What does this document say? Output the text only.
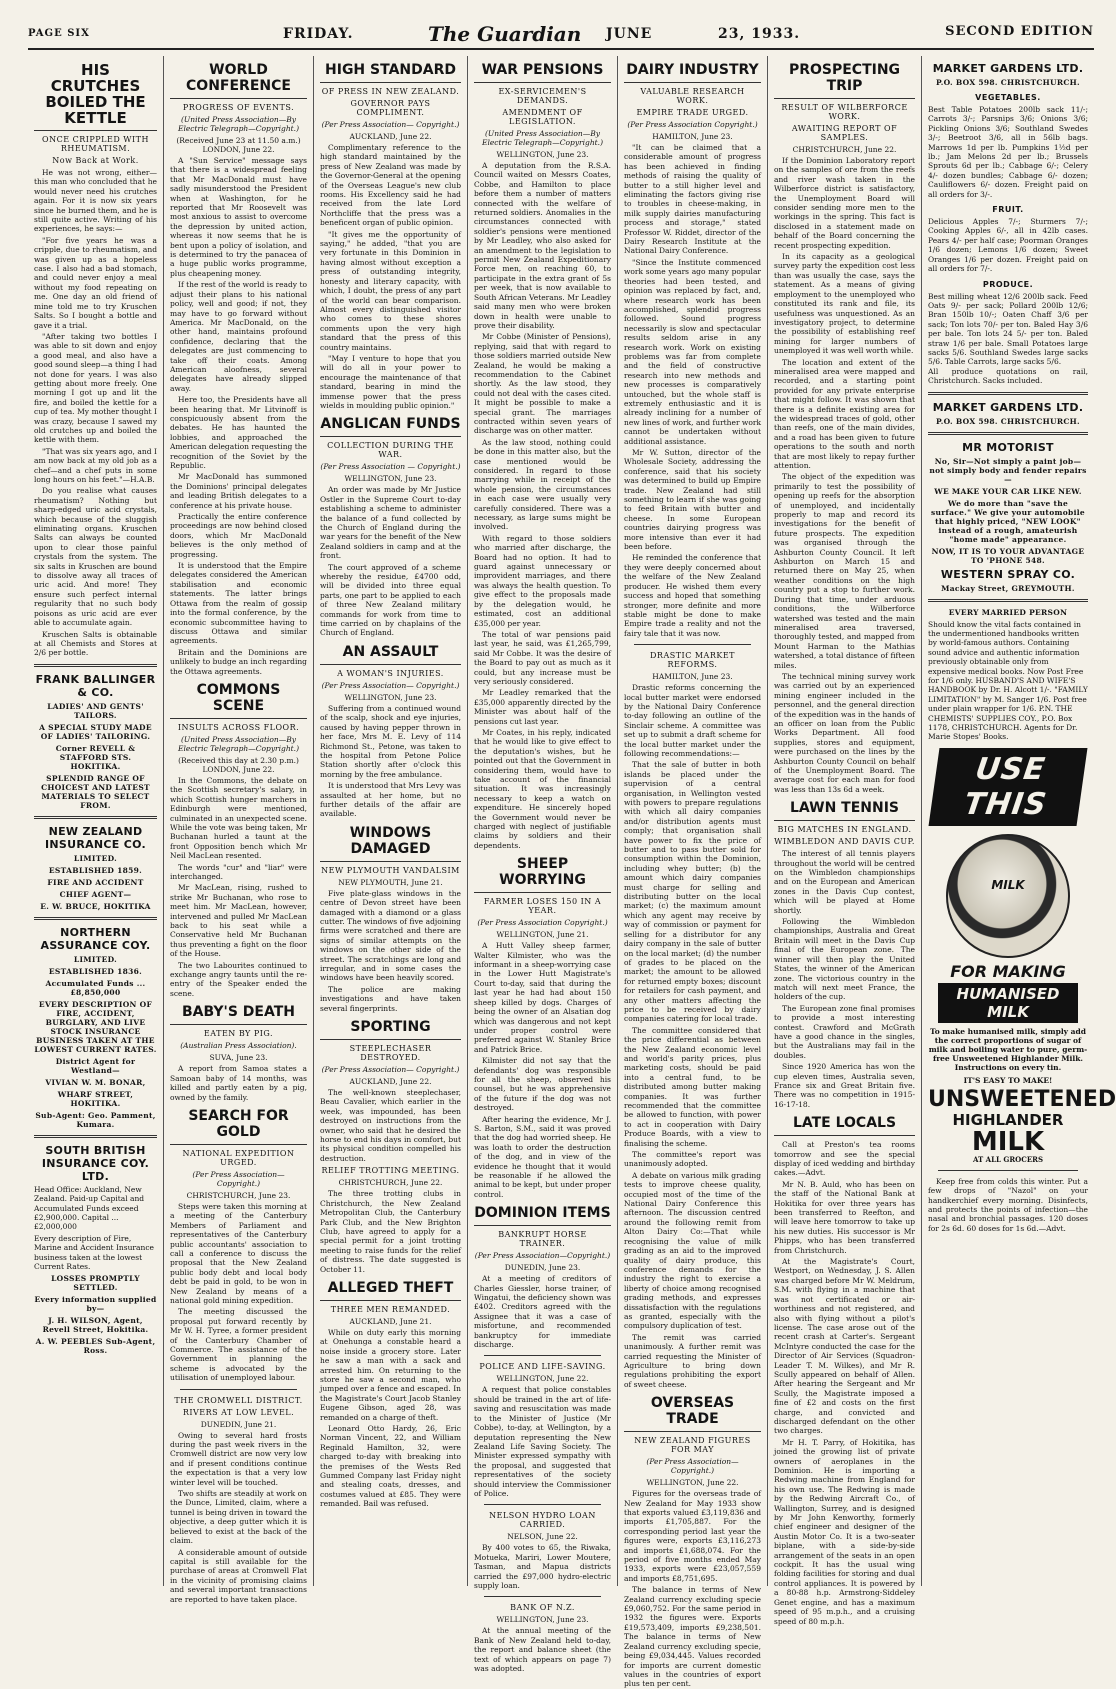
PAGE SIX	FRIDAY.	The Guardian JUNE	23, 1933.	SECOND EDITION
HIS CRUTCHES BOILED THE KETTLE
ONCE CRIPPLED WITH RHEUMATISM.
Now Back at Work.

He was not wrong, either—this man who concluded that he would never need his crutches again. For it is now six years since he burned them, and he is still quite active. Writing of his experiences, he says:—

"For five years he was a cripple, due to rheumatism, and was given up as a hopeless case. I also had a bad stomach, and could never enjoy a meal without my food repeating on me. One day an old friend of mine told me to try Kruschen Salts. So I bought a bottle and gave it a trial.

"After taking two bottles I was able to sit down and enjoy a good meal, and also have a good sound sleep—a thing I had not done for years. I was also getting about more freely. One morning I got up and lit the fire, and boiled the kettle for a cup of tea. My mother thought I was crazy, because I sawed my old crutches up and boiled the kettle with them.

"That was six years ago, and I am now back at my old job as a chef—and a chef puts in some long hours on his feet."—H.A.B.

Do you realise what causes rheumatism? Nothing but sharp-edged uric acid crystals, which because of the sluggish eliminating organs. Kruschen Salts can always be counted upon to clear those painful crystals from the system. The six salts in Kruschen are bound to dissolve away all traces of uric acid. And more! They ensure such perfect internal regularity that no such body poisons as uric acid are ever able to accumulate again.

Kruschen Salts is obtainable at all Chemists and Stores at 2/6 per bottle.

FRANK BALLINGER & CO.
LADIES' AND GENTS' TAILORS.
A SPECIAL STUDY MADE OF LADIES' TAILORING.
Corner REVELL & STAFFORD STS. HOKITIKA.
SPLENDID RANGE OF CHOICEST AND LATEST MATERIALS TO SELECT FROM.
NEW ZEALAND INSURANCE CO.
LIMITED.
ESTABLISHED 1859.
FIRE AND ACCIDENT
CHIEF AGENT—
E. W. BRUCE, HOKITIKA
NORTHERN ASSURANCE COY.
LIMITED.
ESTABLISHED 1836.
Accumulated Funds ... £8,850,000
EVERY DESCRIPTION OF FIRE, ACCIDENT, BURGLARY, AND LIVE STOCK INSURANCE BUSINESS TAKEN AT THE LOWEST CURRENT RATES.
District Agent for Westland—
VIVIAN W. M. BONAR,
WHARF STREET, HOKITIKA.
Sub-Agent: Geo. Pamment, Kumara.
SOUTH BRITISH INSURANCE COY. LTD.
Head Office: Auckland, New Zealand. Paid-up Capital and Accumulated Funds exceed £2,900,000. Capital ... £2,000,000
Every description of Fire, Marine and Accident Insurance business taken at the lowest Current Rates.
LOSSES PROMPTLY SETTLED.
Every information supplied by—
J. H. WILSON, Agent, Revell Street, Hokitika.
A. W. PEEBLES Sub-Agent, Ross.
WORLD CONFERENCE
PROGRESS OF EVENTS.
(United Press Association—By Electric Telegraph—Copyright.)
(Received June 23 at 11.50 a.m.) LONDON, June 22.

A "Sun Service" message says that there is a widespread feeling that Mr MacDonald must have sadly misunderstood the President when at Washington, for he reported that Mr Roosevelt was most anxious to assist to overcome the depression by united action, whereas it now seems that he is bent upon a policy of isolation, and is determined to try the panacea of a huge public works programme, plus cheapening money.

If the rest of the world is ready to adjust their plans to his national policy, well and good; if not, they may have to go forward without America. Mr MacDonald, on the other hand, maintains profound confidence, declaring that the delegates are just commencing to take off their coats. Among American aloofness, several delegates have already slipped away.

Here too, the Presidents have all been hearing that. Mr Litvinoff is conspicuously absent from the debates. He has haunted the lobbies, and approached the American delegation requesting the recognition of the Soviet by the Republic.

Mr MacDonald has summoned the Dominions' principal delegates and leading British delegates to a conference at his private house.

Practically the entire conference proceedings are now behind closed doors, which Mr MacDonald believes is the only method of progressing.

It is understood that the Empire delegates considered the American stabilisation and economic statements. The latter brings Ottawa from the realm of gossip into the formal conference, by the economic subcommittee having to discuss Ottawa and similar agreements.

Britain and the Dominions are unlikely to budge an inch regarding the Ottawa agreements.

COMMONS SCENE
INSULTS ACROSS FLOOR.
(United Press Association—By Electric Telegraph—Copyright.)
(Received this day at 2.30 p.m.) LONDON, June 22.

In the Commons, the debate on the Scottish secretary's salary, in which Scottish hunger marchers in Edinburgh were mentioned, culminated in an unexpected scene. While the vote was being taken, Mr Buchanan hurled a taunt at the front Opposition bench which Mr Neil MacLean resented.

The words "cur" and "liar" were interchanged.

Mr MacLean, rising, rushed to strike Mr Buchanan, who rose to meet him. Mr MacLean, however, intervened and pulled Mr MacLean back to his seat while a Conservative held Mr Buchanan thus preventing a fight on the floor of the House.

The two Labourites continued to exchange angry taunts until the re-entry of the Speaker ended the scene.

BABY'S DEATH
EATEN BY PIG.
(Australian Press Association).
SUVA, June 23.

A report from Samoa states a Samoan baby of 14 months, was killed and partly eaten by a pig, owned by the family.

SEARCH FOR GOLD
NATIONAL EXPEDITION URGED.
(Per Press Association— Copyright.)
CHRISTCHURCH, June 23.

Steps were taken this morning at a meeting of the Canterbury Members of Parliament and representatives of the Canterbury public accountants' association to call a conference to discuss the proposal that the New Zealand public body debt and local body debt be paid in gold, to be won in New Zealand by means of a national gold mining expedition.

The meeting discussed the proposal put forward recently by Mr W. H. Tyree, a former president of the Canterbury Chamber of Commerce. The assistance of the Government in planning the scheme is advocated by the utilisation of unemployed labour.

THE CROMWELL DISTRICT.
RIVERS AT LOW LEVEL.
DUNEDIN, June 21.

Owing to several hard frosts during the past week rivers in the Cromwell district are now very low and if present conditions continue the expectation is that a very low winter level will be touched.

Two shifts are steadily at work on the Dunce, Limited, claim, where a tunnel is being driven in toward the objective, a deep gutter which it is believed to exist at the back of the claim.

A considerable amount of outside capital is still available for the purchase of areas at Cromwell Flat in the vicinity of promising claims and several important transactions are reported to have taken place.

HIGH STANDARD
OF PRESS IN NEW ZEALAND.
GOVERNOR PAYS COMPLIMENT.
(Per Press Association— Copyright.)
AUCKLAND, June 22.

Complimentary reference to the high standard maintained by the press of New Zealand was made by the Governor-General at the opening of the Overseas League's new club rooms. His Excellency said he had received from the late Lord Northcliffe that the press was a beneficent organ of public opinion.

"It gives me the opportunity of saying," he added, "that you are very fortunate in this Dominion in having almost without exception a press of outstanding integrity, honesty and literary capacity, with which, I doubt, the press of any part of the world can bear comparison. Almost every distinguished visitor who comes to these shores comments upon the very high standard that the press of this country maintains.

"May I venture to hope that you will do all in your power to encourage the maintenance of that standard, bearing in mind the immense power that the press wields in moulding public opinion."

ANGLICAN FUNDS
COLLECTION DURING THE WAR.
(Per Press Association — Copyright.)
WELLINGTON, June 23.

An order was made by Mr Justice Ostler in the Supreme Court to-day establishing a scheme to administer the balance of a fund collected by the Church of England during the war years for the benefit of the New Zealand soldiers in camp and at the front.

The court approved of a scheme whereby the residue, £4700 odd, will be divided into three equal parts, one part to be applied to each of three New Zealand military commands for work from time to time carried on by chaplains of the Church of England.

AN ASSAULT
A WOMAN'S INJURIES.
(Per Press Association— Copyright.)
WELLINGTON, June 23.

Suffering from a continued wound of the scalp, shock and eye injuries, caused by having pepper thrown in her face, Mrs M. E. Levy of 114 Richmond St., Petone, was taken to the hospital from Petone Police Station shortly after o'clock this morning by the free ambulance.

It is understood that Mrs Levy was assaulted at her home, but no further details of the affair are available.

WINDOWS DAMAGED
NEW PLYMOUTH VANDALSIM
NEW PLYMOUTH, June 21.

Five plate-glass windows in the centre of Devon street have been damaged with a diamond or a glass cutter. The windows of five adjoining firms were scratched and there are signs of similar attempts on the windows on the other side of the street. The scratchings are long and irregular, and in some cases the windows have been heavily scored.

The police are making investigations and have taken several fingerprints.

SPORTING
STEEPLECHASER DESTROYED.
(Per Press Association— Copyright.)
AUCKLAND, June 22.

The well-known steeplechaser, Beau Cavalier, which earlier in the week, was impounded, has been destroyed on instructions from the owner, who said that he desired the horse to end his days in comfort, but its physical condition compelled his destruction.

RELIEF TROTTING MEETING.
CHRISTCHURCH, June 22.

The three trotting clubs in Christchurch, the New Zealand Metropolitan Club, the Canterbury Park Club, and the New Brighton Club, have agreed to apply for a special permit for a joint trotting meeting to raise funds for the relief of distress. The date suggested is October 11.

ALLEGED THEFT
THREE MEN REMANDED.
AUCKLAND, June 21.

While on duty early this morning at Onehunga a constable heard a noise inside a grocery store. Later he saw a man with a sack and arrested him. On returning to the store he saw a second man, who jumped over a fence and escaped. In the Magistrate's Court Jacob Stanley Eugene Gibson, aged 28, was remanded on a charge of theft.

Leonard Otto Hardy, 26, Eric Norman Vincent, 22, and William Reginald Hamilton, 32, were charged to-day with breaking into the premises of the Wests Red Gummed Company last Friday night and stealing coats, dresses, and costumes valued at £85. They were remanded. Bail was refused.

WAR PENSIONS
EX-SERVICEMEN'S DEMANDS.
AMENDMENT OF LEGISLATION.
(United Press Association—By Electric Telegraph—Copyright.)
WELLINGTON, June 23.

A deputation from the R.S.A. Council waited on Messrs Coates, Cobbe, and Hamilton to place before them a number of matters connected with the welfare of returned soldiers. Anomalies in the circumstances connected with soldier's pensions were mentioned by Mr Leadley, who also asked for an amendment to the legislation to permit New Zealand Expeditionary Force men, on reaching 60, to participate in the extra grant of 5s per week, that is now available to South African Veterans. Mr Leadley said many men who were broken down in health were unable to prove their disability.

Mr Cobbe (Minister of Pensions), replying, said that with regard to those soldiers married outside New Zealand, he would be making a recommendation to the Cabinet shortly. As the law stood, they could not deal with the cases cited. It might be possible to make a special grant. The marriages contracted within seven years of discharge was on other matter.

As the law stood, nothing could be done in this matter also, but the case mentioned would be considered. In regard to those marrying while in receipt of the whole pension, the circumstances in each case were usually very carefully considered. There was a necessary, as large sums might be involved.

With regard to those soldiers who married after discharge, the Board had no option. It had to guard against unnecessary or improvident marriages, and there was always the health question. To give effect to the proposals made by the delegation would, he estimated, cost an additional £35,000 per year.

The total of war pensions paid last year, he said, was £1,265,799, said Mr Cobbe. It was the desire of the Board to pay out as much as it could, but any increase must be very seriously considered.

Mr Leadley remarked that the £35,000 apparently directed by the Minister was about half of the pensions cut last year.

Mr Coates, in his reply, indicated that he would like to give effect to the deputation's wishes, but he pointed out that the Government in considering them, would have to take account of the financial situation. It was increasingly necessary to keep a watch on expenditure. He sincerely hoped the Government would never be charged with neglect of justifiable claims by soldiers and their dependents.

SHEEP WORRYING
FARMER LOSES 150 IN A YEAR.
(Per Press Association Copyright.)
WELLINGTON, June 21.

A Hutt Valley sheep farmer, Walter Kilmister, who was the informant in a sheep-worrying case in the Lower Hutt Magistrate's Court to-day, said that during the last year he had had about 150 sheep killed by dogs. Charges of being the owner of an Alsatian dog which was dangerous and not kept under proper control were preferred against W. Stanley Brice and Patrick Brice.

Kilmister did not say that the defendants' dog was responsible for all the sheep, observed his counsel, but he was apprehensive of the future if the dog was not destroyed.

After hearing the evidence, Mr J. S. Barton, S.M., said it was proved that the dog had worried sheep. He was loath to order the destruction of the dog, and in view of the evidence he thought that it would be reasonable if he allowed the animal to be kept, but under proper control.

DOMINION ITEMS
BANKRUPT HORSE TRAINER.
(Per Press Association—Copyright.)
DUNEDIN, June 23.

At a meeting of creditors of Charles Giessler, horse trainer, of Wingatui, the deficiency shown was £402. Creditors agreed with the Assignee that it was a case of misfortune, and recommended bankruptcy for immediate discharge.

POLICE AND LIFE-SAVING.
WELLINGTON, June 22.

A request that police constables should be trained in the art of life-saving and resuscitation was made to the Minister of Justice (Mr Cobbe), to-day, at Wellington, by a deputation representing the New Zealand Life Saving Society. The Minister expressed sympathy with the proposal, and suggested that representatives of the society should interview the Commissioner of Police.

NELSON HYDRO LOAN CARRIED.
NELSON, June 22.

By 400 votes to 65, the Riwaka, Motueka, Mariri, Lower Moutere, Tasman, and Mapua districts carried the £97,000 hydro-electric supply loan.

BANK OF N.Z.
WELLINGTON, June 23.

At the annual meeting of the Bank of New Zealand held to-day, the report and balance sheet (the text of which appears on page 7) was adopted.

DAIRY INDUSTRY
VALUABLE RESEARCH WORK.
EMPIRE TRADE URGED.
(Per Press Association Copyright.)
HAMILTON, June 23.

"It can be claimed that a considerable amount of progress has been achieved in finding methods of raising the quality of butter to a still higher level and eliminating the factors giving rise to troubles in cheese-making, in milk supply dairies manufacturing process and storage," stated Professor W. Riddet, director of the Dairy Research Institute at the National Dairy Conference.

"Since the Institute commenced work some years ago many popular theories had been tested, and opinion was replaced by fact, and, where research work has been accomplished, splendid progress followed. Sound progress necessarily is slow and spectacular results seldom arise in any research work. Work on existing problems was far from complete and the field of constructive research into new methods and new processes is comparatively untouched, but the whole staff is extremely enthusiastic and it is already inclining for a number of new lines of work, and further work cannot be undertaken without additional assistance.

Mr W. Sutton, director of the Wholesale Society, addressing the conference, said that his society was determined to build up Empire trade. New Zealand had still something to learn if she was going to feed Britain with butter and cheese. In some European countries dairying progress was more intensive than ever it had been before.

He reminded the conference that they were deeply concerned about the welfare of the New Zealand producer. He wished them every success and hoped that something stronger, more definite and more stable might be done to make Empire trade a reality and not the fairy tale that it was now.

DRASTIC MARKET REFORMS.
HAMILTON, June 23.

Drastic reforms concerning the local butter market were endorsed by the National Dairy Conference to-day following an outline of the Sinclair scheme. A committee was set up to submit a draft scheme for the local butter market under the following recommendations:—

That the sale of butter in both islands be placed under the supervision of a central organisation, in Wellington vested with powers to prepare regulations with which all dairy companies and/or distribution agents must comply; that organisation shall have power to fix the price of butter and to pass butter sold for consumption within the Dominion, including whey butter; (b) the amount which dairy companies must charge for selling and distributing butter on the local market; (c) the maximum amount which any agent may receive by way of commission or payment for selling for a distributor for any dairy company in the sale of butter on the local market; (d) the number of grades to be placed on the market; the amount to be allowed for returned empty boxes; discount for retailers for cash payment, and any other matters affecting the price to be received by dairy companies catering for local trade.

The committee considered that the price differential as between the New Zealand economic level and world's parity prices, plus marketing costs, should be paid into a central fund, to be distributed among butter making companies. It was further recommended that the committee be allowed to function, with power to act in cooperation with Dairy Produce Boards, with a view to finalising the scheme.

The committee's report was unanimously adopted.

A debate on various milk grading tests to improve cheese quality, occupied most of the time of the National Dairy Conference this afternoon. The discussion centred around the following remit from Alton Dairy Co:—That while recognising the value of milk grading as an aid to the improved quality of dairy produce, this conference demands for the industry the right to exercise a liberty of choice among recognised grading methods, and expresses dissatisfaction with the regulations as granted, especially with the compulsory duplication of test.

The remit was carried unanimously. A further remit was carried requesting the Minister of Agriculture to bring down regulations prohibiting the export of sweet cheese.

OVERSEAS TRADE
NEW ZEALAND FIGURES FOR MAY
(Per Press Association— Copyright.)
WELLINGTON, June 22.

Figures for the overseas trade of New Zealand for May 1933 show that exports valued £3,119,836 and imports £1,705,887. For the corresponding period last year the figures were, exports £3,116,273 and imports £1,688,074. For the period of five months ended May 1933, exports were £23,057,559 and imports £8,751,695.

The balance in terms of New Zealand currency excluding specie £9,060,752. For the same period in 1932 the figures were. Exports £19,573,409, imports £9,238,501. The balance in terms of New Zealand currency excluding specie, being £9,034,445. Values recorded for imports are current domestic values in the countries of export plus ten per cent.

PROSPECTING TRIP
RESULT OF WILBERFORCE WORK.
AWAITING REPORT OF SAMPLES.
CHRISTCHURCH, June 22.

If the Dominion Laboratory report on the samples of ore from the reefs and river wash taken in the Wilberforce district is satisfactory, the Unemployment Board will consider sending more men to the workings in the spring. This fact is disclosed in a statement made on behalf of the Board concerning the recent prospecting expedition.

In its capacity as a geological survey party the expedition cost less than was usually the case, says the statement. As a means of giving employment to the unemployed who constituted its rank and file, its usefulness was unquestioned. As an investigatory project, to determine the possibility of establishing reef mining for larger numbers of unemployed it was well worth while.

The location and extent of the mineralised area were mapped and recorded, and a starting point provided for any private enterprise that might follow. It was shown that there is a definite existing area for the widespread traces of gold, other than reefs, one of the main divides, and a road has been given to future operations to the south and north that are most likely to repay further attention.

The object of the expedition was primarily to test the possibility of opening up reefs for the absorption of unemployed, and incidentally properly to map and record its investigations for the benefit of future prospects. The expedition was organised through the Ashburton County Council. It left Ashburton on March 15 and returned there on May 25, when weather conditions on the high country put a stop to further work. During that time, under arduous conditions, the Wilberforce watershed was tested and the main mineralised area traversed, thoroughly tested, and mapped from Mount Harman to the Mathias watershed, a total distance of fifteen miles.

The technical mining survey work was carried out by an experienced mining engineer included in the personnel, and the general direction of the expedition was in the hands of an officer on loan from the Public Works Department. All food supplies, stores and equipment, were purchased on the lines by the Ashburton County Council on behalf of the Unemployment Board. The average cost for each man for food was less than 13s 6d a week.

LAWN TENNIS
BIG MATCHES IN ENGLAND.
WIMBLEDON AND DAVIS CUP.

The interest of all tennis players throughout the world will be centred on the Wimbledon championships and on the European and American zones in the Davis Cup contest, which will be played at Home shortly.

Following the Wimbledon championships, Australia and Great Britain will meet in the Davis Cup final of the European zone. The winner will then play the United States, the winner of the American zone. The victorious country in the match will next meet France, the holders of the cup.

The European zone final promises to provide a most interesting contest. Crawford and McGrath have a good chance in the singles, but the Australians may fail in the doubles.

Since 1920 America has won the cup eleven times, Australia seven, France six and Great Britain five. There was no competition in 1915-16-17-18.

LATE LOCALS

Call at Preston's tea rooms tomorrow and see the special display of iced wedding and birthday cakes.—Advt.

Mr N. B. Auld, who has been on the staff of the National Bank at Hokitika for over three years has been transferred to Reefton, and will leave here tomorrow to take up his new duties. His successor is Mr Phipps, who has been transferred from Christchurch.

At the Magistrate's Court, Westport, on Wednesday, J. S. Allen was charged before Mr W. Meldrum, S.M. with flying in a machine that was not certificated or air-worthiness and not registered, and also with flying without a pilot's license. The case arose out of the recent crash at Carter's. Sergeant McIntyre conducted the case for the Director of Air Services (Squadron-Leader T. M. Wilkes), and Mr R. Scully appeared on behalf of Allen. After hearing the Sergeant and Mr Scully, the Magistrate imposed a fine of £2 and costs on the first charge, and convicted and discharged defendant on the other two charges.

Mr H. T. Parry, of Hokitika, has joined the growing list of private owners of aeroplanes in the Dominion. He is importing a Redwing machine from England for his own use. The Redwing is made by the Redwing Aircraft Co., of Wallington, Surrey, and is designed by Mr John Kenworthy, formerly chief engineer and designer of the Austin Motor Co. It is a two-seater biplane, with a side-by-side arrangement of the seats in an open cockpit. It has the usual wing folding facilities for storing and dual control appliances. It is powered by a 80-88 h.p. Armstrong-Siddeley Genet engine, and has a maximum speed of 95 m.p.h., and a cruising speed of 80 m.p.h.

MARKET GARDENS LTD.
P.O. BOX 598. CHRISTCHURCH.
VEGETABLES.
Best Table Potatoes 200lb sack 11/-; Carrots 3/-; Parsnips 3/6; Onions 3/6; Pickling Onions 3/6; Southland Swedes 3/-; Beetroot 3/6, all in 56lb bags. Marrows 1d per lb. Pumpkins 1½d per lb.; Jam Melons 2d per lb.; Brussels Sprouts 6d per lb.; Cabbage 6/-; Celery 4/- dozen bundles; Cabbage 6/- dozen; Cauliflowers 6/- dozen. Freight paid on all orders for 3/-.
FRUIT.
Delicious Apples 7/-; Sturmers 7/-; Cooking Apples 6/-, all in 42lb cases. Pears 4/- per half case; Poorman Oranges 1/6 dozen; Lemons 1/6 dozen; Sweet Oranges 1/6 per dozen. Freight paid on all orders for 7/-.
PRODUCE.
Best milling wheat 12/6 200lb sack. Feed Oats 9/- per sack; Pollard 200lb 12/6; Bran 150lb 10/-; Oaten Chaff 3/6 per sack; Ton lots 70/- per ton. Baled Hay 3/6 per bale. Ton lots 24 5/- per ton. Baled straw 1/6 per bale. Small Potatoes large sacks 5/6. Southland Swedes large sacks 5/6. Table Carrots, large sacks 5/6.
All produce quotations on rail, Christchurch. Sacks included.
MARKET GARDENS LTD.
P.O. BOX 598. CHRISTCHURCH.
MR MOTORIST
No, Sir—Not simply a paint job—not simply body and fender repairs—
WE MAKE YOUR CAR LIKE NEW.
We do more than "save the surface." We give your automobile that highly priced, "NEW LOOK" instead of a rough, amateurish "home made" appearance.
NOW, IT IS TO YOUR ADVANTAGE TO 'PHONE 548.
WESTERN SPRAY CO.
Mackay Street, GREYMOUTH.
EVERY MARRIED PERSON
Should know the vital facts contained in the undermentioned handbooks written by world-famous authors. Containing sound advice and authentic information previously obtainable only from expensive medical books. Now Post Free for 1/6 only. HUSBAND'S AND WIFE'S HANDBOOK by Dr. H. Alcott 1/-. "FAMILY LIMITATION" by M. Sanger 1/6. Post free under plain wrapper for 1/6. P.N. THE CHEMISTS' SUPPLIES COY., P.O. Box 1178, CHRISTCHURCH. Agents for Dr. Marie Stopes' Books.
USE THIS
MILK
FOR MAKING
HUMANISED MILK
To make humanised milk, simply add the correct proportions of sugar of milk and boiling water to pure, germ-free Unsweetened Highlander Milk. Instructions on every tin.
IT'S EASY TO MAKE!
UNSWEETENED
HIGHLANDER
MILK
AT ALL GROCERS

Keep free from colds this winter. Put a few drops of "Nazol" on your handkerchief every morning. Disinfects, and protects the points of infection—the nasal and bronchial passages. 120 doses for 2s 6d. 60 doses for 1s 6d.—Advt.
